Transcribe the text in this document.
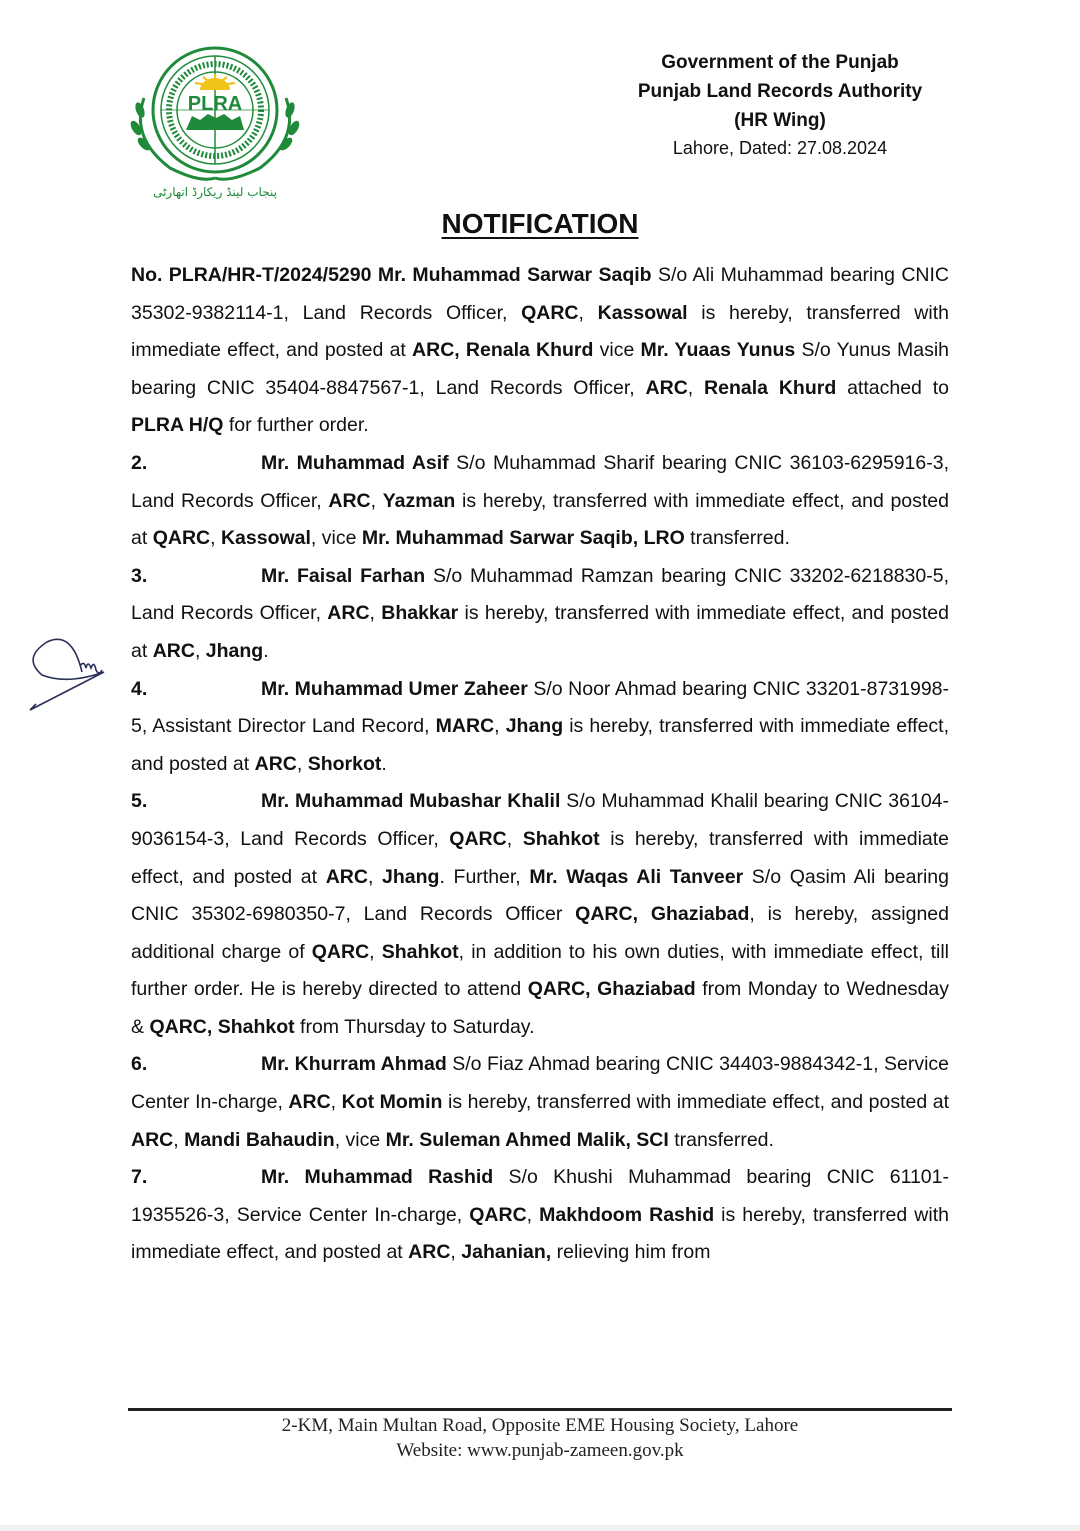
PLRA
پنجاب لینڈ ریکارڈ اتھارٹی
Government of the Punjab
Punjab Land Records Authority
(HR Wing)
Lahore, Dated: 27.08.2024
NOTIFICATION

No. PLRA/HR-T/2024/5290 Mr. Muhammad Sarwar Saqib S/o Ali Muhammad bearing CNIC 35302-9382114-1, Land Records Officer, QARC, Kassowal is hereby, transferred with immediate effect, and posted at ARC, Renala Khurd vice Mr. Yuaas Yunus S/o Yunus Masih bearing CNIC 35404-8847567-1, Land Records Officer, ARC, Renala Khurd attached to PLRA H/Q for further order.

2.	Mr. Muhammad Asif S/o Muhammad Sharif bearing CNIC 36103-6295916-3, Land Records Officer, ARC, Yazman is hereby, transferred with immediate effect, and posted at QARC, Kassowal, vice Mr. Muhammad Sarwar Saqib, LRO transferred.

3.	Mr. Faisal Farhan S/o Muhammad Ramzan bearing CNIC 33202-6218830-5, Land Records Officer, ARC, Bhakkar is hereby, transferred with immediate effect, and posted at ARC, Jhang.

4.	Mr. Muhammad Umer Zaheer S/o Noor Ahmad bearing CNIC 33201-8731998-5, Assistant Director Land Record, MARC, Jhang is hereby, transferred with immediate effect, and posted at ARC, Shorkot.

5.	Mr. Muhammad Mubashar Khalil S/o Muhammad Khalil bearing CNIC 36104-9036154-3, Land Records Officer, QARC, Shahkot is hereby, transferred with immediate effect, and posted at ARC, Jhang. Further, Mr. Waqas Ali Tanveer S/o Qasim Ali bearing CNIC 35302-6980350-7, Land Records Officer QARC, Ghaziabad, is hereby, assigned additional charge of QARC, Shahkot, in addition to his own duties, with immediate effect, till further order. He is hereby directed to attend QARC, Ghaziabad from Monday to Wednesday & QARC, Shahkot from Thursday to Saturday.

6.	Mr. Khurram Ahmad S/o Fiaz Ahmad bearing CNIC 34403-9884342-1, Service Center In-charge, ARC, Kot Momin is hereby, transferred with immediate effect, and posted at ARC, Mandi Bahaudin, vice Mr. Suleman Ahmed Malik, SCI transferred.

7.	Mr. Muhammad Rashid S/o Khushi Muhammad bearing CNIC 61101-1935526-3, Service Center In-charge, QARC, Makhdoom Rashid is hereby, transferred with immediate effect, and posted at ARC, Jahanian, relieving him from

2-KM, Main Multan Road, Opposite EME Housing Society, Lahore
Website: www.punjab-zameen.gov.pk
